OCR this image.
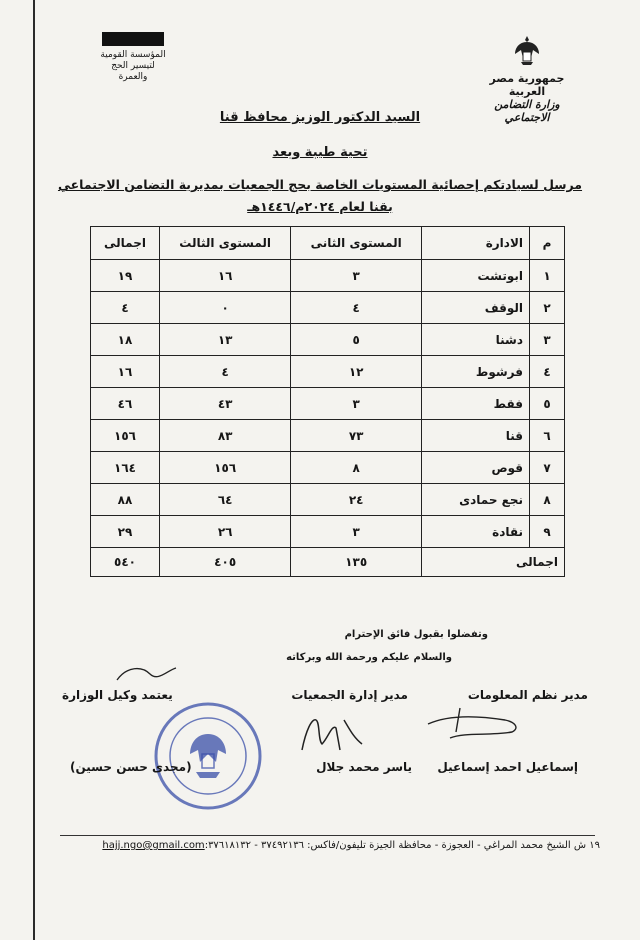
جمهورية مصر العربية
وزارة التضامن الاجتماعي
المؤسسة القومية
لتيسير الحج
والعمرة
السيد الدكتور الوزيز محافظ قنا
تحية طيبة وبعد
مرسل لسيادتكم إحصائية المستويات الخاصة بحج الجمعيات بمديرية التضامن الاجتماعي
بقنا لعام ٢٠٢٤م/١٤٤٦هـ
م	الادارة	المستوى الثانى	المستوى الثالث	اجمالى
١	ابوتشت	٣	١٦	١٩
٢	الوقف	٤	٠	٤
٣	دشنا	٥	١٣	١٨
٤	فرشوط	١٢	٤	١٦
٥	فقط	٣	٤٣	٤٦
٦	قنا	٧٣	٨٣	١٥٦
٧	قوص	٨	١٥٦	١٦٤
٨	نجع حمادى	٢٤	٦٤	٨٨
٩	نقادة	٣	٢٦	٢٩
اجمالى		١٣٥	٤٠٥	٥٤٠
وتفضلوا بقبول فائق الإحترام
والسلام عليكم ورحمة الله وبركاته
مدير نظم المعلومات
مدير إدارة الجمعيات
يعتمد وكيل الوزارة
إسماعيل احمد إسماعيل
ياسر محمد جلال
(مجدى حسن حسين)
١٩ ش الشيخ محمد المراغي - العجوزة - محافظة الجيزة تليفون/فاكس: ٣٧٤٩٢١٣٦ - ٣٧٦١٨١٣٢:hajj.ngo@gmail.com
